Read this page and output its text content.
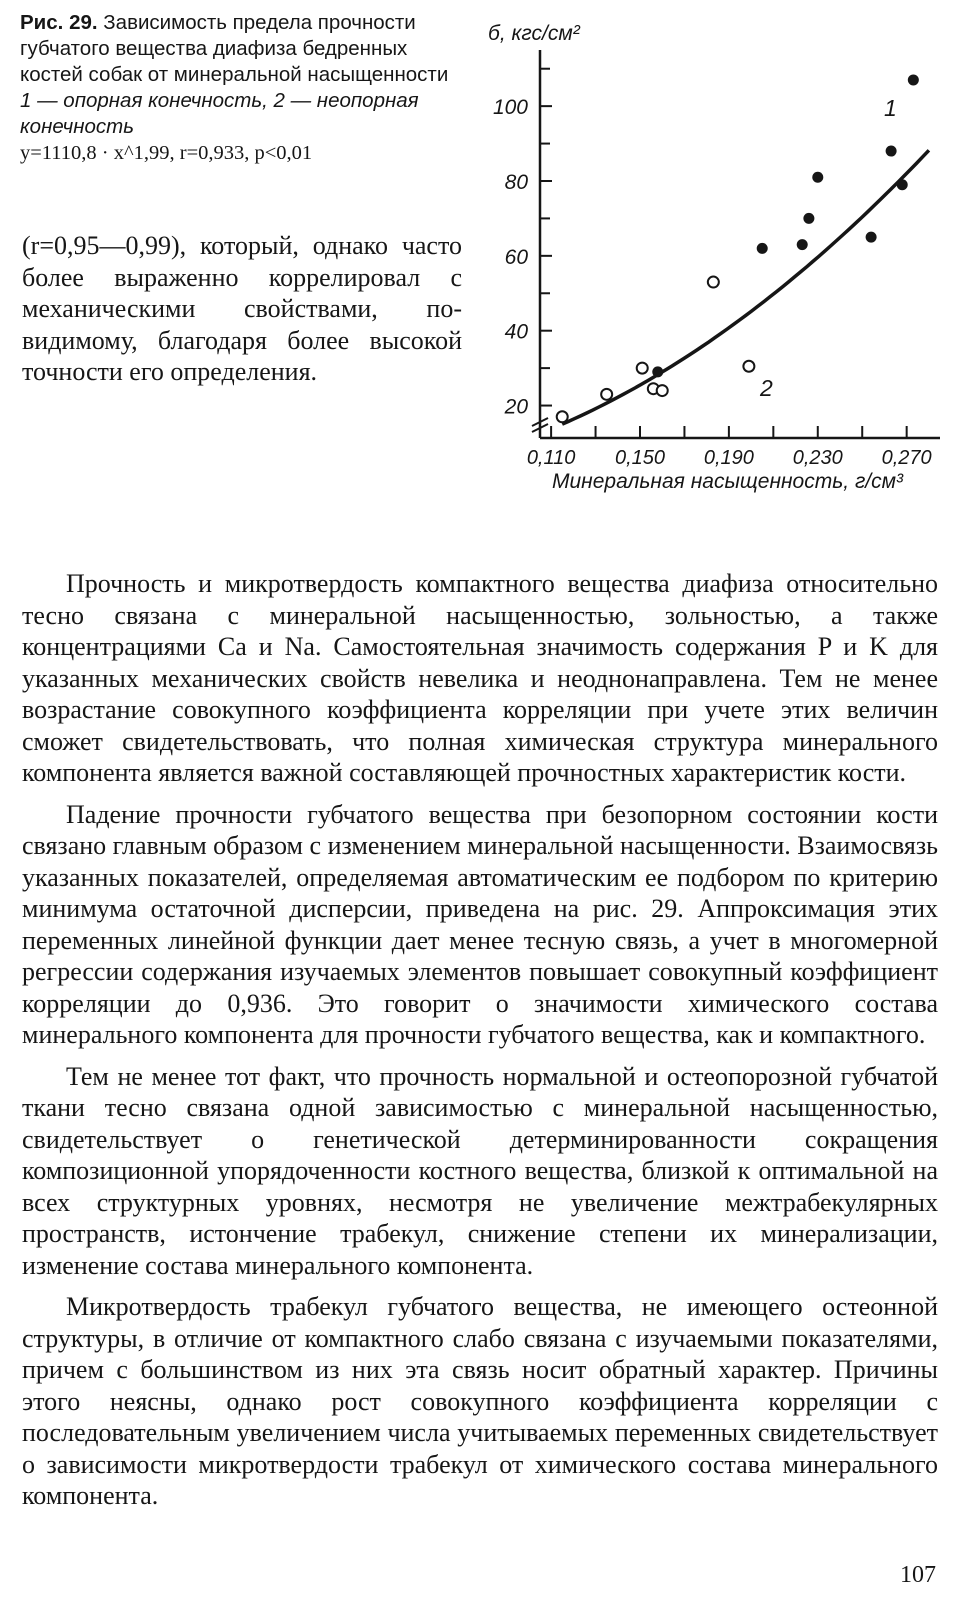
Рис. 29. Зависимость предела прочности губчатого вещества диафиза бедренных костей собак от минеральной насыщенности

1 — опорная конечность, 2 — неопорная конечность

y=1110,8 · x^1,99, r=0,933, p<0,01

20
40
60
80
100
0,110 0,150 0,190 0,230 0,270
б, кгс/см²
Минеральная насыщенность, г/см³
1
2

(r=0,95—0,99), который, однако часто более выраженно коррелировал с механическими свойствами, по-видимому, благодаря более высокой точности его определения.

Прочность и микротвердость компактного вещества диафиза относительно тесно связана с минеральной насыщенностью, зольностью, а также концентрациями Ca и Na. Самостоятельная значимость содержания P и K для указанных механических свойств невелика и неоднонаправлена. Тем не менее возрастание совокупного коэффициента корреляции при учете этих величин сможет свидетельствовать, что полная химическая структура минерального компонента является важной составляющей прочностных характеристик кости.

Падение прочности губчатого вещества при безопорном состоянии кости связано главным образом с изменением минеральной насыщенности. Взаимосвязь указанных показателей, определяемая автоматическим ее подбором по критерию минимума остаточной дисперсии, приведена на рис. 29. Аппроксимация этих переменных линейной функции дает менее тесную связь, а учет в многомерной регрессии содержания изучаемых элементов повышает совокупный коэффициент корреляции до 0,936. Это говорит о значимости химического состава минерального компонента для прочности губчатого вещества, как и компактного.

Тем не менее тот факт, что прочность нормальной и остеопорозной губчатой ткани тесно связана одной зависимостью с минеральной насыщенностью, свидетельствует о генетической детерминированности сокращения композиционной упорядоченности костного вещества, близкой к оптимальной на всех структурных уровнях, несмотря не увеличение межтрабекулярных пространств, истончение трабекул, снижение степени их минерализации, изменение состава минерального компонента.

Микротвердость трабекул губчатого вещества, не имеющего остеонной структуры, в отличие от компактного слабо связана с изучаемыми показателями, причем с большинством из них эта связь носит обратный характер. Причины этого неясны, однако рост совокупного коэффициента корреляции с последовательным увеличением числа учитываемых переменных свидетельствует о зависимости микротвердости трабекул от химического состава минерального компонента.

107
